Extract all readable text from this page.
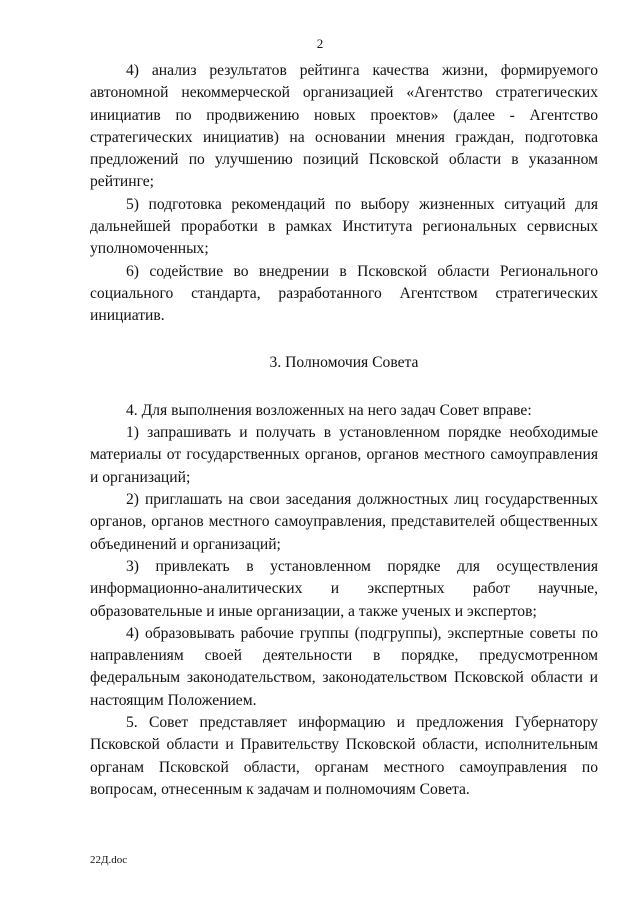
2

4) анализ результатов рейтинга качества жизни, формируемого автономной некоммерческой организацией «Агентство стратегических инициатив по продвижению новых проектов» (далее - Агентство стратегических инициатив) на основании мнения граждан, подготовка предложений по улучшению позиций Псковской области в указанном рейтинге;

5) подготовка рекомендаций по выбору жизненных ситуаций для дальнейшей проработки в рамках Института региональных сервисных уполномоченных;

6) содействие во внедрении в Псковской области Регионального социального стандарта, разработанного Агентством стратегических инициатив.

3. Полномочия Совета

4. Для выполнения возложенных на него задач Совет вправе:

1) запрашивать и получать в установленном порядке необходимые материалы от государственных органов, органов местного самоуправления и организаций;

2) приглашать на свои заседания должностных лиц государственных органов, органов местного самоуправления, представителей общественных объединений и организаций;

3) привлекать в установленном порядке для осуществления информационно-аналитических и экспертных работ научные, образовательные и иные организации, а также ученых и экспертов;

4) образовывать рабочие группы (подгруппы), экспертные советы по направлениям своей деятельности в порядке, предусмотренном федеральным законодательством, законодательством Псковской области и настоящим Положением.

5. Совет представляет информацию и предложения Губернатору Псковской области и Правительству Псковской области, исполнительным органам Псковской области, органам местного самоуправления по вопросам, отнесенным к задачам и полномочиям Совета.

22Д.doc
